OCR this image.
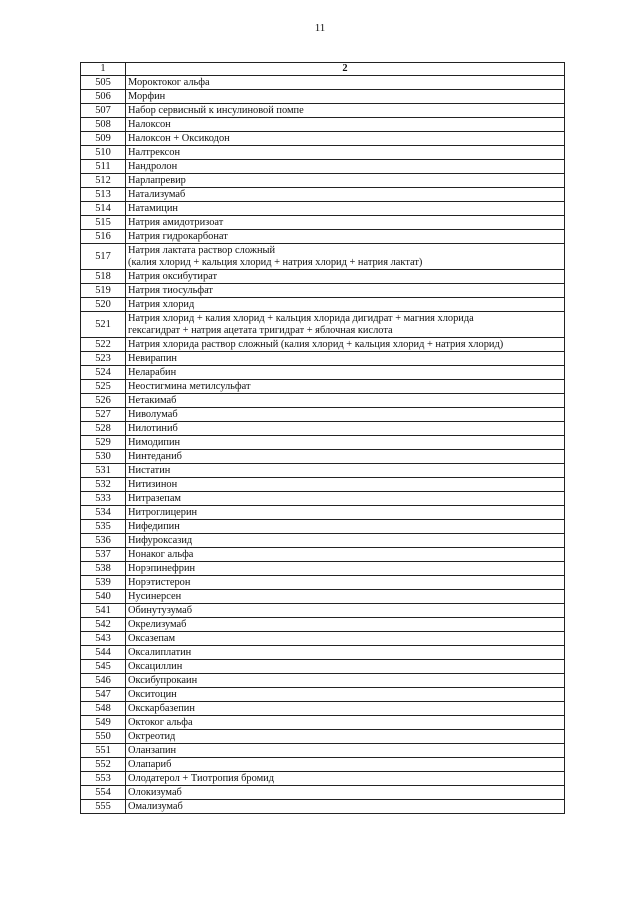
11
1	2
505	Мороктоког альфа

506	Морфин

507	Набор сервисный к инсулиновой помпе

508	Налоксон

509	Налоксон + Оксикодон

510	Налтрексон

511	Нандролон

512	Нарлапревир

513	Натализумаб

514	Натамицин

515	Натрия амидотризоат

516	Натрия гидрокарбонат

517	Натрия лактата раствор сложный
(калия хлорид + кальция хлорид + натрия хлорид + натрия лактат)

518	Натрия оксибутират

519	Натрия тиосульфат

520	Натрия хлорид

521	Натрия хлорид + калия хлорид + кальция хлорида дигидрат + магния хлорида
гексагидрат + натрия ацетата тригидрат + яблочная кислота

522	Натрия хлорида раствор сложный (калия хлорид + кальция хлорид + натрия хлорид)

523	Невирапин

524	Неларабин

525	Неостигмина метилсульфат

526	Нетакимаб

527	Ниволумаб

528	Нилотиниб

529	Нимодипин

530	Нинтеданиб

531	Нистатин

532	Нитизинон

533	Нитразепам

534	Нитроглицерин

535	Нифедипин

536	Нифуроксазид

537	Нонаког альфа

538	Норэпинефрин

539	Норэтистерон

540	Нусинерсен

541	Обинутузумаб

542	Окрелизумаб

543	Оксазепам

544	Оксалиплатин

545	Оксациллин

546	Оксибупрокаин

547	Окситоцин

548	Окскарбазепин

549	Октоког альфа

550	Октреотид

551	Оланзапин

552	Олапариб

553	Олодатерол + Тиотропия бромид

554	Олокизумаб

555	Омализумаб
